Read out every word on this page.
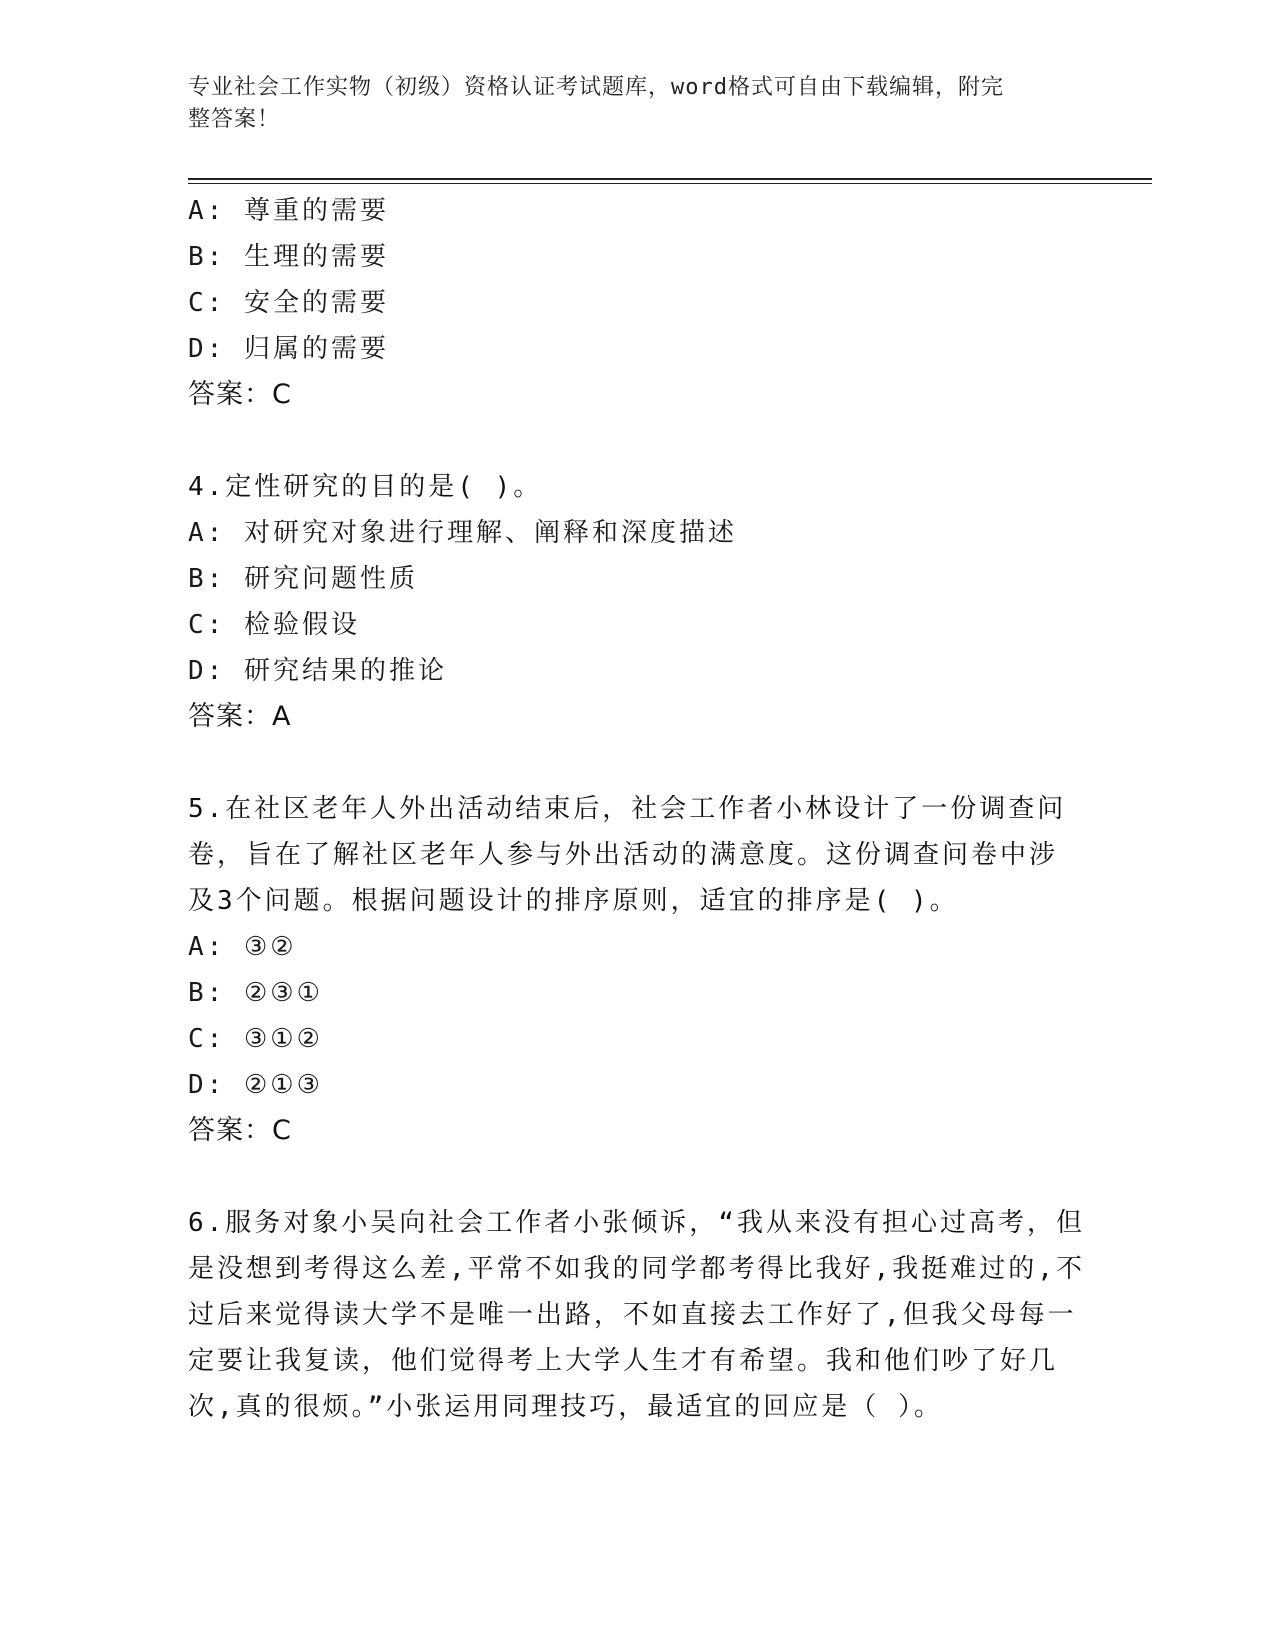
专业社会工作实物（初级）资格认证考试题库，word格式可自由下载编辑，附完
整答案！
A: 尊重的需要
B: 生理的需要
C: 安全的需要
D: 归属的需要
答案：C
4.定性研究的目的是( )。
A: 对研究对象进行理解、阐释和深度描述
B: 研究问题性质
C: 检验假设
D: 研究结果的推论
答案：A
5.在社区老年人外出活动结束后，社会工作者小林设计了一份调查问
卷，旨在了解社区老年人参与外出活动的满意度。这份调查问卷中涉
及3个问题。根据问题设计的排序原则，适宜的排序是( )。
A: ③②
B: ②③①
C: ③①②
D: ②①③
答案：C
6.服务对象小吴向社会工作者小张倾诉，“我从来没有担心过高考，但
是没想到考得这么差,平常不如我的同学都考得比我好,我挺难过的,不
过后来觉得读大学不是唯一出路，不如直接去工作好了,但我父母每一
定要让我复读，他们觉得考上大学人生才有希望。我和他们吵了好几
次,真的很烦。”小张运用同理技巧，最适宜的回应是（ ）。
